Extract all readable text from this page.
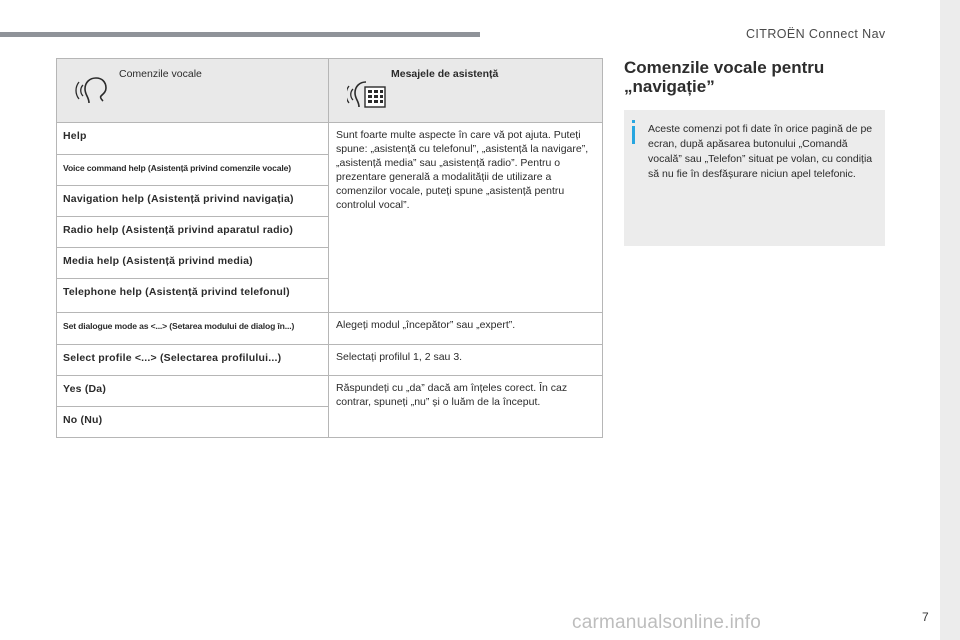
CITROËN Connect Nav
Comenzile vocale	Mesajele de asistență

Help	Sunt foarte multe aspecte în care vă pot ajuta. Puteți spune: „asistență cu telefonul”, „asistență la navigare”, „asistență media” sau „asistență radio”. Pentru o prezentare generală a modalității de utilizare a comenzilor vocale, puteți spune „asistență pentru controlul vocal”.
Voice command help (Asistență privind comenzile vocale)	
Navigation help (Asistență privind navigația)	
Radio help (Asistență privind aparatul radio)	
Media help (Asistență privind media)	
Telephone help (Asistență privind telefonul)	
Set dialogue mode as <...> (Setarea modului de dialog în...)	Alegeți modul „începător” sau „expert”.
Select profile <...> (Selectarea profilului...)	Selectați profilul 1, 2 sau 3.
Yes (Da)	Răspundeți cu „da” dacă am înțeles corect. În caz contrar, spuneți „nu” și o luăm de la început.
No (Nu)	
Comenzile vocale pentru „navigație”
Aceste comenzi pot fi date în orice pagină de pe ecran, după apăsarea butonului „Comandă vocală” sau „Telefon” situat pe volan, cu condiția să nu fie în desfășurare niciun apel telefonic.
carmanualsonline.info	7
